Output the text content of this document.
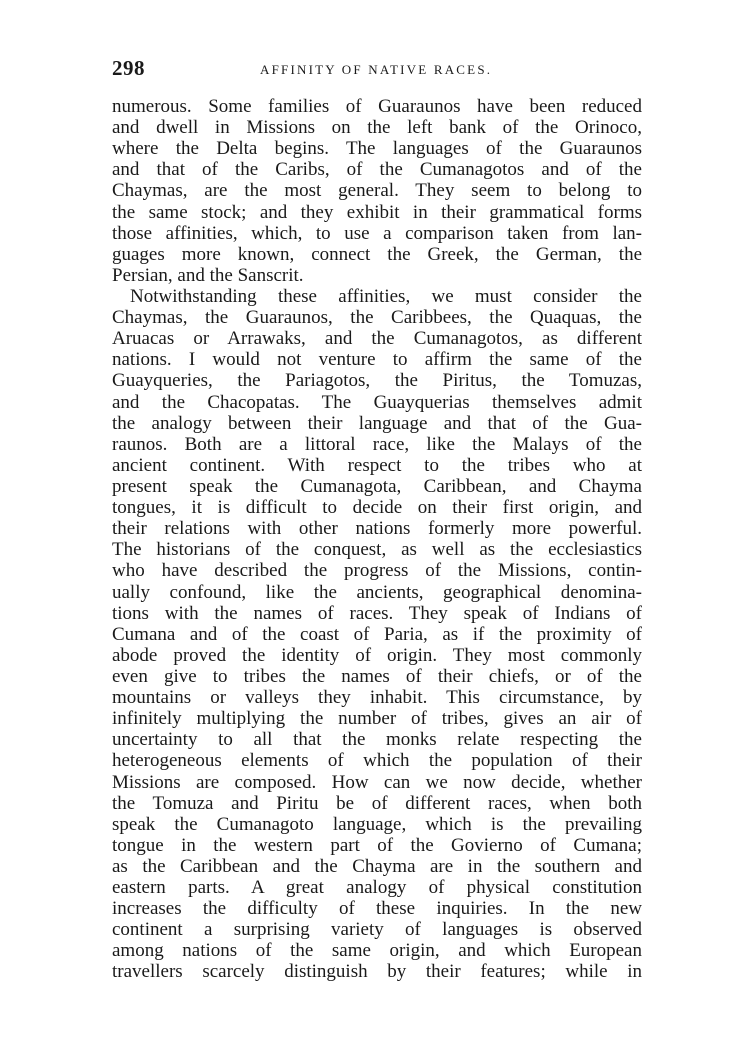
298	AFFINITY OF NATIVE RACES.
numerous. Some families of Guaraunos have been reduced
and dwell in Missions on the left bank of the Orinoco,
where the Delta begins. The languages of the Guaraunos
and that of the Caribs, of the Cumanagotos and of the
Chaymas, are the most general. They seem to belong to
the same stock; and they exhibit in their grammatical forms
those affinities, which, to use a comparison taken from lan-
guages more known, connect the Greek, the German, the
Persian, and the Sanscrit.
Notwithstanding these affinities, we must consider the
Chaymas, the Guaraunos, the Caribbees, the Quaquas, the
Aruacas or Arrawaks, and the Cumanagotos, as different
nations. I would not venture to affirm the same of the
Guayqueries, the Pariagotos, the Piritus, the Tomuzas,
and the Chacopatas. The Guayquerias themselves admit
the analogy between their language and that of the Gua-
raunos. Both are a littoral race, like the Malays of the
ancient continent. With respect to the tribes who at
present speak the Cumanagota, Caribbean, and Chayma
tongues, it is difficult to decide on their first origin, and
their relations with other nations formerly more powerful.
The historians of the conquest, as well as the ecclesiastics
who have described the progress of the Missions, contin-
ually confound, like the ancients, geographical denomina-
tions with the names of races. They speak of Indians of
Cumana and of the coast of Paria, as if the proximity of
abode proved the identity of origin. They most commonly
even give to tribes the names of their chiefs, or of the
mountains or valleys they inhabit. This circumstance, by
infinitely multiplying the number of tribes, gives an air of
uncertainty to all that the monks relate respecting the
heterogeneous elements of which the population of their
Missions are composed. How can we now decide, whether
the Tomuza and Piritu be of different races, when both
speak the Cumanagoto language, which is the prevailing
tongue in the western part of the Govierno of Cumana;
as the Caribbean and the Chayma are in the southern and
eastern parts. A great analogy of physical constitution
increases the difficulty of these inquiries. In the new
continent a surprising variety of languages is observed
among nations of the same origin, and which European
travellers scarcely distinguish by their features; while in
